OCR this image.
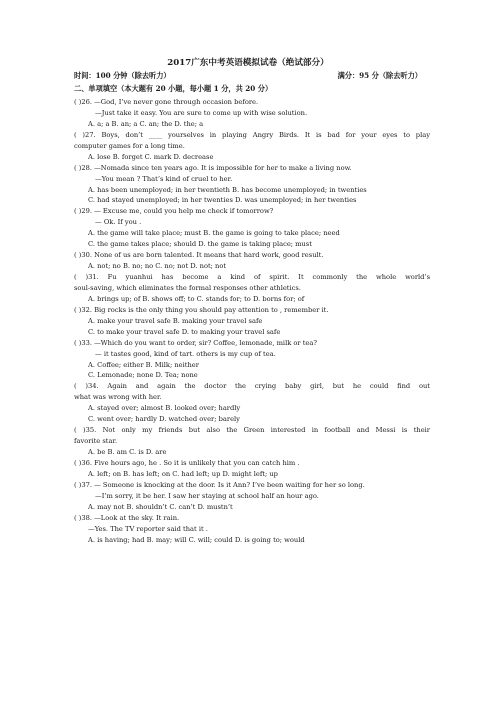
2017广东中考英语模拟试卷（绝试部分）
时间：100 分钟（除去听力）	满分：95 分（除去听力）
二、单项填空（本大题有 20 小题，每小题 1 分，共 20 分）
( )26. —God, I’ve never gone through occasion before.
—Just take it easy. You are sure to come up with wise solution.
A. a; a B. an; a C. an; the D. the; a
( )27. Boys, don’t ____ yourselves in playing Angry Birds. It is bad for your eyes to play
computer games for a long time.
A. lose B. forget C. mark D. decrease
( )28. —Nomada since ten years ago. It is impossible for her to make a living now.
—You mean ? That’s kind of cruel to her.
A. has been unemployed; in her twentieth B. has become unemployed; in twenties
C. had stayed unemployed; in her twenties D. was unemployed; in her twenties
( )29. — Excuse me, could you help me check if tomorrow?
— Ok. If you .
A. the game will take place; must B. the game is going to take place; need
C. the game takes place; should D. the game is taking place; must
( )30. None of us are born talented. It means that hard work, good result.
A. not; no B. no; no C. no; not D. not; not
( )31. Fu yuanhui has become a kind of spirit. It commonly the whole world’s
soul-saving, which eliminates the formal responses other athletics.
A. brings up; of B. shows off; to C. stands for; to D. borns for; of
( )32. Big rocks is the only thing you should pay attention to , remember it.
A. make your travel safe B. making your travel safe
C. to make your travel safe D. to making your travel safe
( )33. —Which do you want to order, sir? Coffee, lemonade, milk or tea?
— it tastes good, kind of tart. others is my cup of tea.
A. Coffee; either B. Milk; neither
C. Lemonade; none D. Tea; none
( )34. Again and again the doctor the crying baby girl, but he could find out
what was wrong with her.
A. stayed over; almost B. looked over; hardly
C. went over; hardly D. watched over; barely
( )35. Not only my friends but also the Green interested in football and Messi is their
favorite star.
A. be B. am C. is D. are
( )36. Five hours ago, he . So it is unlikely that you can catch him .
A. left; on B. has left; on C. had left; up D. might left; up
( )37. — Someone is knocking at the door. Is it Ann? I’ve been waiting for her so long.
—I’m sorry, it be her. I saw her staying at school half an hour ago.
A. may not B. shouldn’t C. can’t D. mustn’t
( )38. —Look at the sky. It rain.
—Yes. The TV reporter said that it .
A. is having; had B. may; will C. will; could D. is going to; would
